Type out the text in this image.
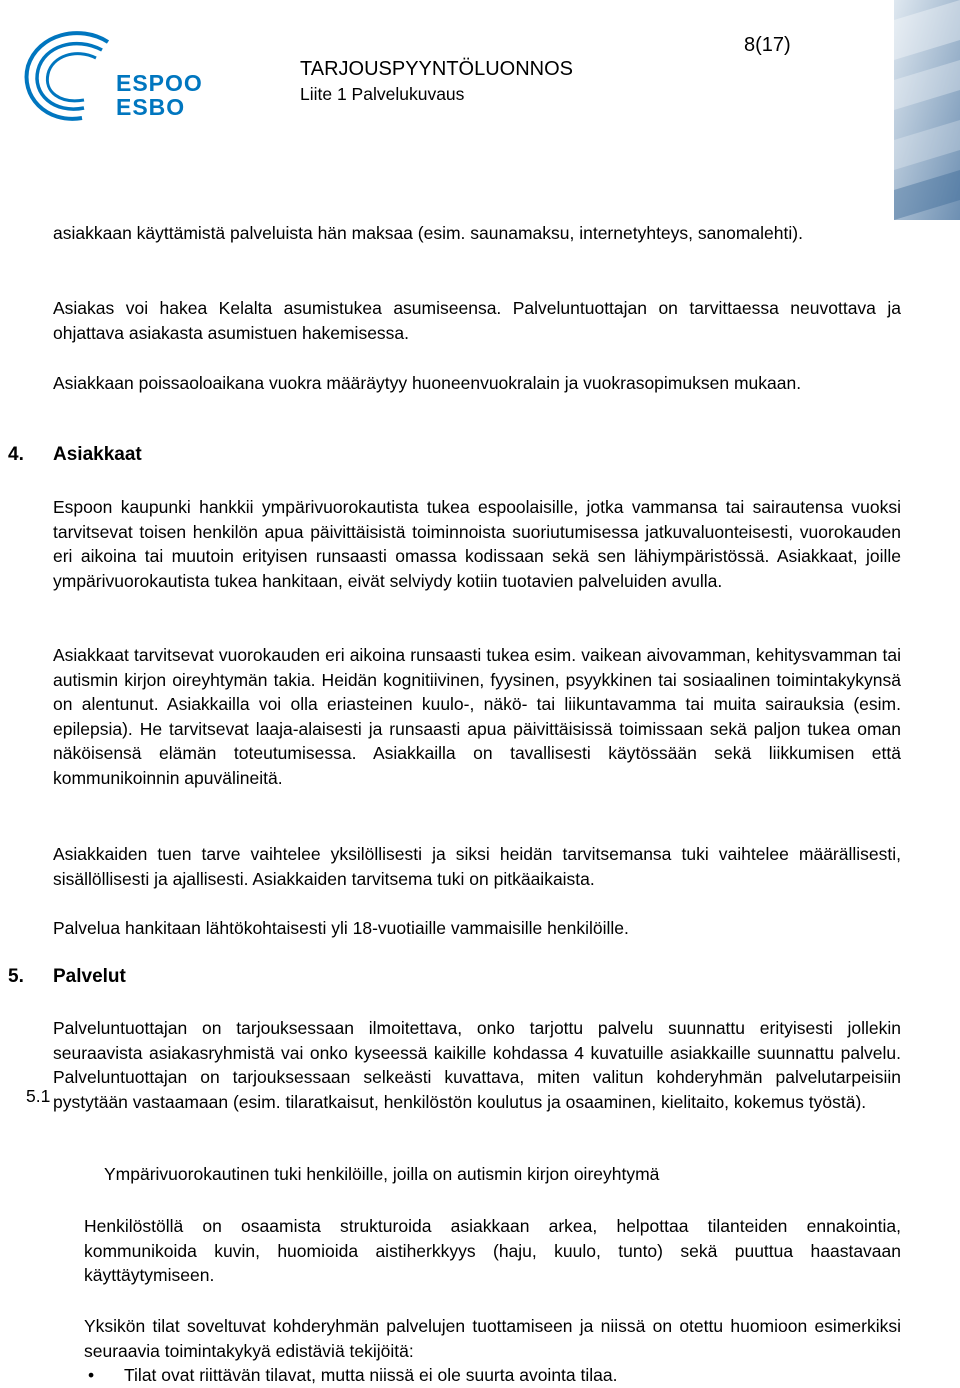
ESPOO
ESBO
TARJOUSPYYNTÖLUONNOS
Liite 1 Palvelukuvaus
8(17)

asiakkaan käyttämistä palveluista hän maksaa (esim. saunamaksu, internetyhteys, sanomalehti).

Asiakas voi hakea Kelalta asumistukea asumiseensa. Palveluntuottajan on tarvittaessa neuvottava ja ohjattava asiakasta asumistuen hakemisessa.

Asiakkaan poissaoloaikana vuokra määräytyy huoneenvuokralain ja vuokrasopimuksen mukaan.

4. Asiakkaat

Espoon kaupunki hankkii ympärivuorokautista tukea espoolaisille, jotka vammansa tai sairautensa vuoksi tarvitsevat toisen henkilön apua päivittäisistä toiminnoista suoriutumisessa jatkuvaluonteisesti, vuorokauden eri aikoina tai muutoin erityisen runsaasti omassa kodissaan sekä sen lähiympäristössä. Asiakkaat, joille ympärivuorokautista tukea hankitaan, eivät selviydy kotiin tuotavien palveluiden avulla.

Asiakkaat tarvitsevat vuorokauden eri aikoina runsaasti tukea esim. vaikean aivovamman, kehitysvamman tai autismin kirjon oireyhtymän takia. Heidän kognitiivinen, fyysinen, psyykkinen tai sosiaalinen toimintakykynsä on alentunut. Asiakkailla voi olla eriasteinen kuulo-, näkö- tai liikuntavamma tai muita sairauksia (esim. epilepsia). He tarvitsevat laaja-alaisesti ja runsaasti apua päivittäisissä toimissaan sekä paljon tukea oman näköisensä elämän toteutumisessa. Asiakkailla on tavallisesti käytössään sekä liikkumisen että kommunikoinnin apuvälineitä.

Asiakkaiden tuen tarve vaihtelee yksilöllisesti ja siksi heidän tarvitsemansa tuki vaihtelee määrällisesti, sisällöllisesti ja ajallisesti. Asiakkaiden tarvitsema tuki on pitkäaikaista.

Palvelua hankitaan lähtökohtaisesti yli 18-vuotiaille vammaisille henkilöille.

5. Palvelut

Palveluntuottajan on tarjouksessaan ilmoitettava, onko tarjottu palvelu suunnattu erityisesti jollekin seuraavista asiakasryhmistä vai onko kyseessä kaikille kohdassa 4 kuvatuille asiakkaille suunnattu palvelu. Palveluntuottajan on tarjouksessaan selkeästi kuvattava, miten valitun kohderyhmän palvelutarpeisiin pystytään vastaamaan (esim. tilaratkaisut, henkilöstön koulutus ja osaaminen, kielitaito, kokemus työstä).

5.1
Ympärivuorokautinen tuki henkilöille, joilla on autismin kirjon oireyhtymä

Henkilöstöllä on osaamista strukturoida asiakkaan arkea, helpottaa tilanteiden ennakointia, kommunikoida kuvin, huomioida aistiherkkyys (haju, kuulo, tunto) sekä puuttua haastavaan käyttäytymiseen.

Yksikön tilat soveltuvat kohderyhmän palvelujen tuottamiseen ja niissä on otettu huomioon esimerkiksi seuraavia toimintakykyä edistäviä tekijöitä:

• Tilat ovat riittävän tilavat, mutta niissä ei ole suurta avointa tilaa.
